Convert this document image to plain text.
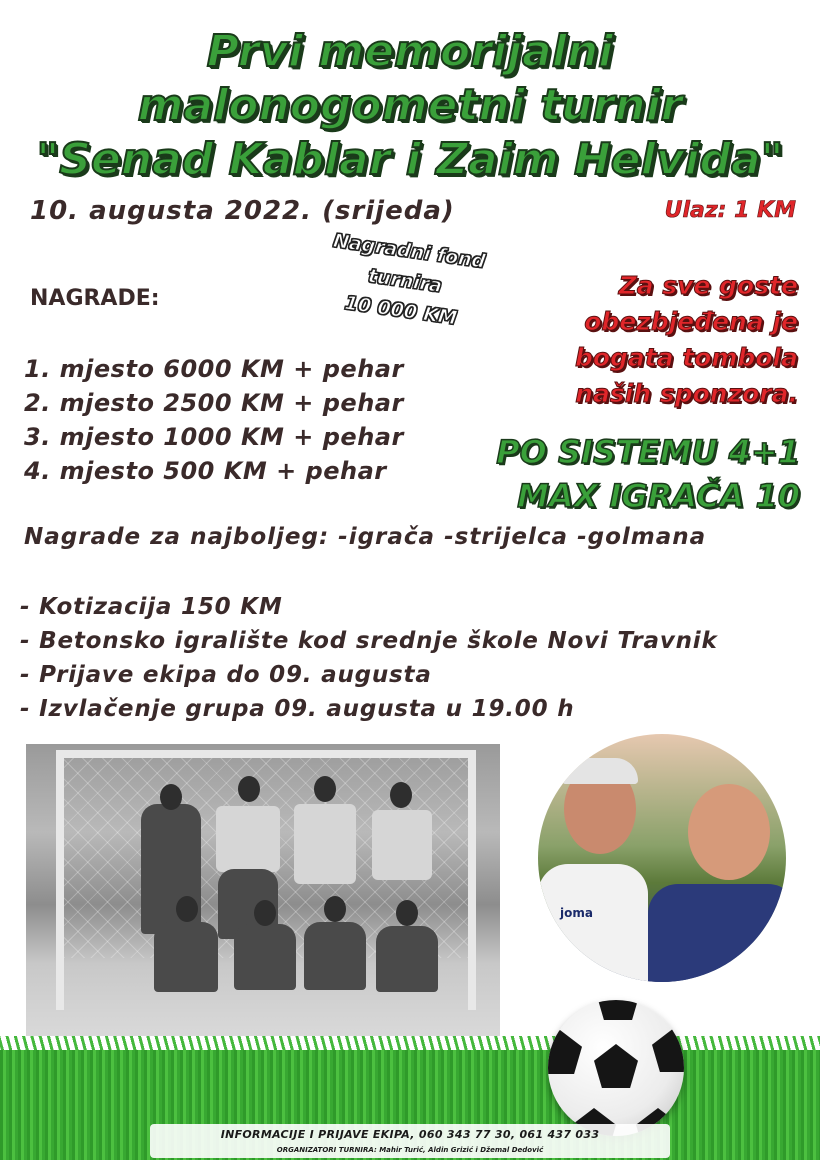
Prvi memorijalni
malonogometni turnir
"Senad Kablar i Zaim Helvida"
10. augusta 2022. (srijeda)	Ulaz: 1 KM
Nagradni fond
turnira
10 000 KM
NAGRADE:
1. mjesto 6000 KM + pehar
2. mjesto 2500 KM + pehar
3. mjesto 1000 KM + pehar
4. mjesto 500 KM + pehar
Za sve goste
obezbjeđena je
bogata tombola
naših sponzora.
PO SISTEMU 4+1
MAX IGRAČA 10
Nagrade za najboljeg: -igrača -strijelca -golmana
- Kotizacija 150 KM
- Betonsko igralište kod srednje škole Novi Travnik
- Prijave ekipa do 09. augusta
- Izvlačenje grupa 09. augusta u 19.00 h
joma
INFORMACIJE I PRIJAVE EKIPA, 060 343 77 30, 061 437 033
ORGANIZATORI TURNIRA: Mahir Turić, Aldin Grizić i Džemal Dedović
